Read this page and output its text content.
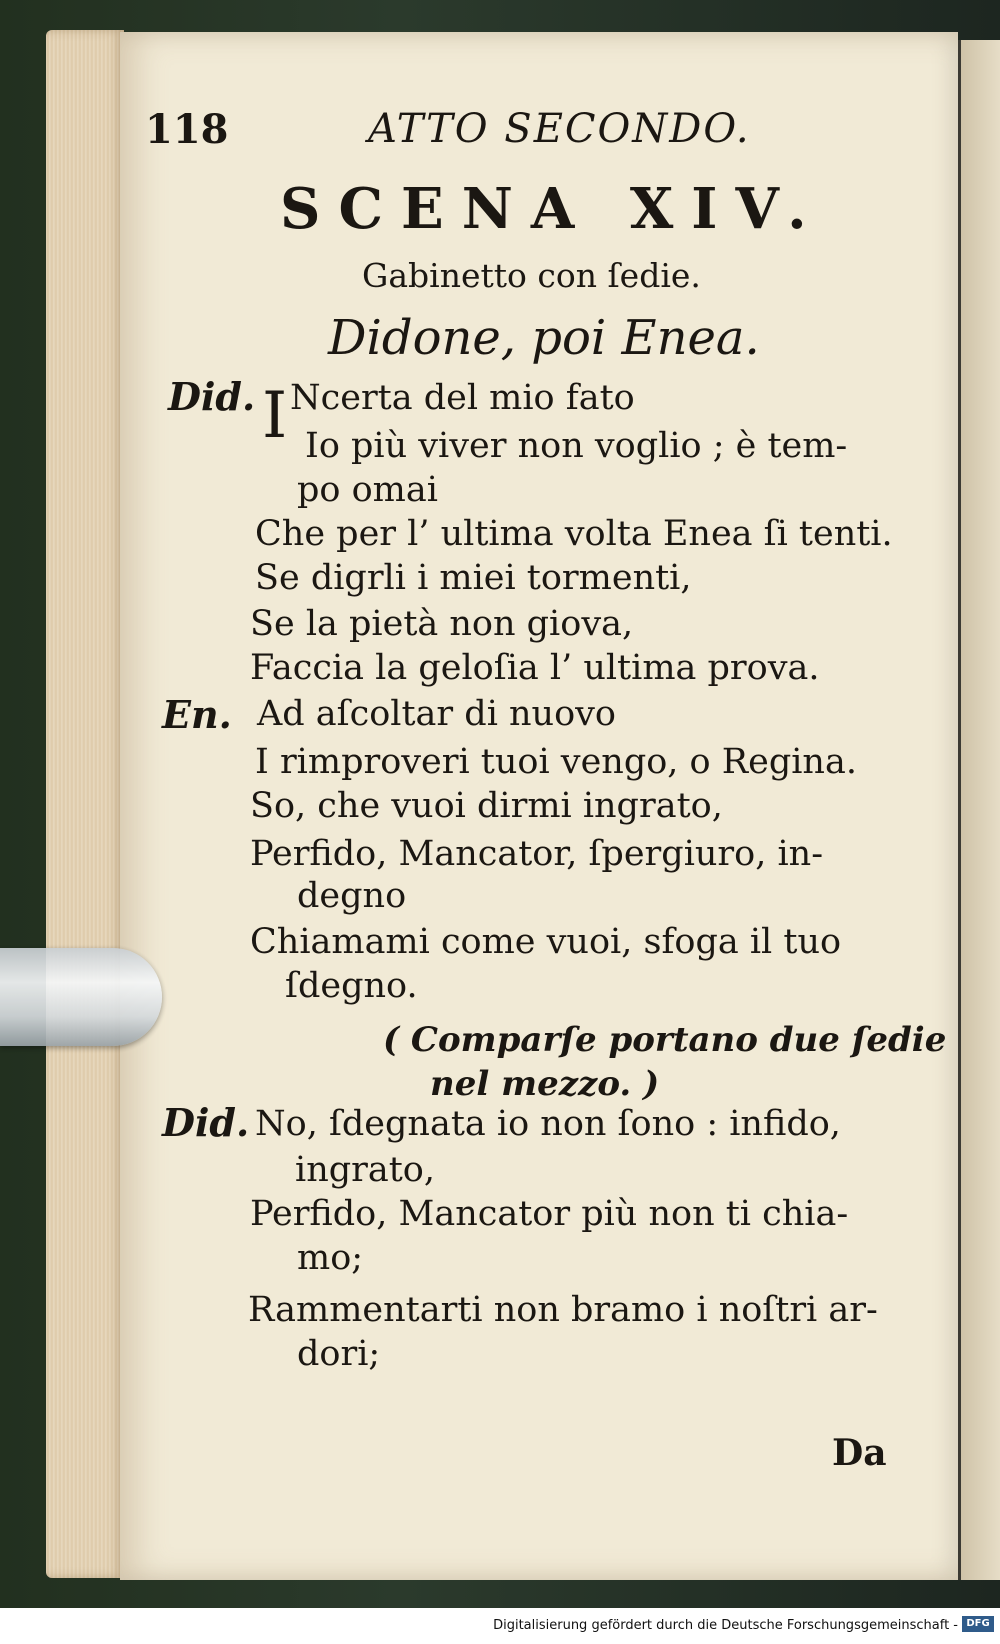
118	ATTO SECONDO.
SCENA XIV.
Gabinetto con ſedie.
Didone, poi Enea.
Did. I Ncerta del mio fato
Io più viver non voglio ; è tem-
po omai
Che per l’ ultima volta Enea ſi tenti.
Se digrli i miei tormenti,
Se la pietà non giova,
Faccia la geloſia l’ ultima prova.
En. Ad aſcoltar di nuovo
I rimproveri tuoi vengo, o Regina.
So, che vuoi dirmi ingrato,
Perfido, Mancator, ſpergiuro, in-
degno
Chiamami come vuoi, sfoga il tuo
ſdegno.
( Comparſe portano due ſedie
nel mezzo. )
Did. No, ſdegnata io non ſono : infido,
ingrato,
Perfido, Mancator più non ti chia-
mo;
Rammentarti non bramo i noſtri ar-
dori;
Da
Digitalisierung gefördert durch die Deutsche Forschungsgemeinschaft - DFG
